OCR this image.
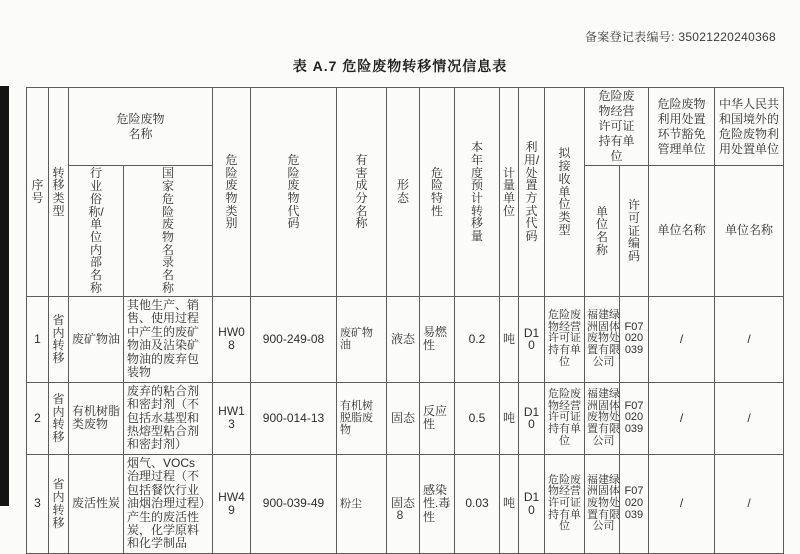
备案登记表编号: 35021220240368
表 A.7 危险废物转移情况信息表
序号	转移类型	危险废物名称		危险废物类别	危险废物代码	有害成分名称	形态	危险特性	本年度预计转移量	计量单位	利用/处置方式代码	拟接收单位类型	危险废物经营许可证持有单位		危险废物利用处置环节豁免管理单位	中华人民共和国境外的危险废物利用处置单位

		行业俗称/单位内部名称	国家危险废物名录名称										单位名称	许可证编码	单位名称	单位名称
1	省内转移	废矿物油	其他生产、销售、使用过程中产生的废矿物油及沾染矿物油的废弃包装物	HW08	900-249-08	废矿物油	液态	易燃性	0.2	吨	D10	危险废物经营许可证持有单位	福建绿洲固体废物处置有限公司	F07020039	/	/
2	省内转移	有机树脂类废物	废弃的粘合剂和密封剂（不包括水基型和热熔型粘合剂和密封剂）	HW13	900-014-13	有机树脱脂废物	固态	反应性	0.5	吨	D10	危险废物经营许可证持有单位	福建绿洲固体废物处置有限公司	F07020039	/	/
3	省内转移	废活性炭	烟气、VOCs 治理过程（不包括餐饮行业油烟治理过程）产生的废活性炭，化学原料和化学制品	HW49	900-039-49	粉尘	固态	感染性.毒性	0.03	吨	D10	危险废物经营许可证持有单位	福建绿洲固体废物处置有限公司	F07020039	/	/
8
